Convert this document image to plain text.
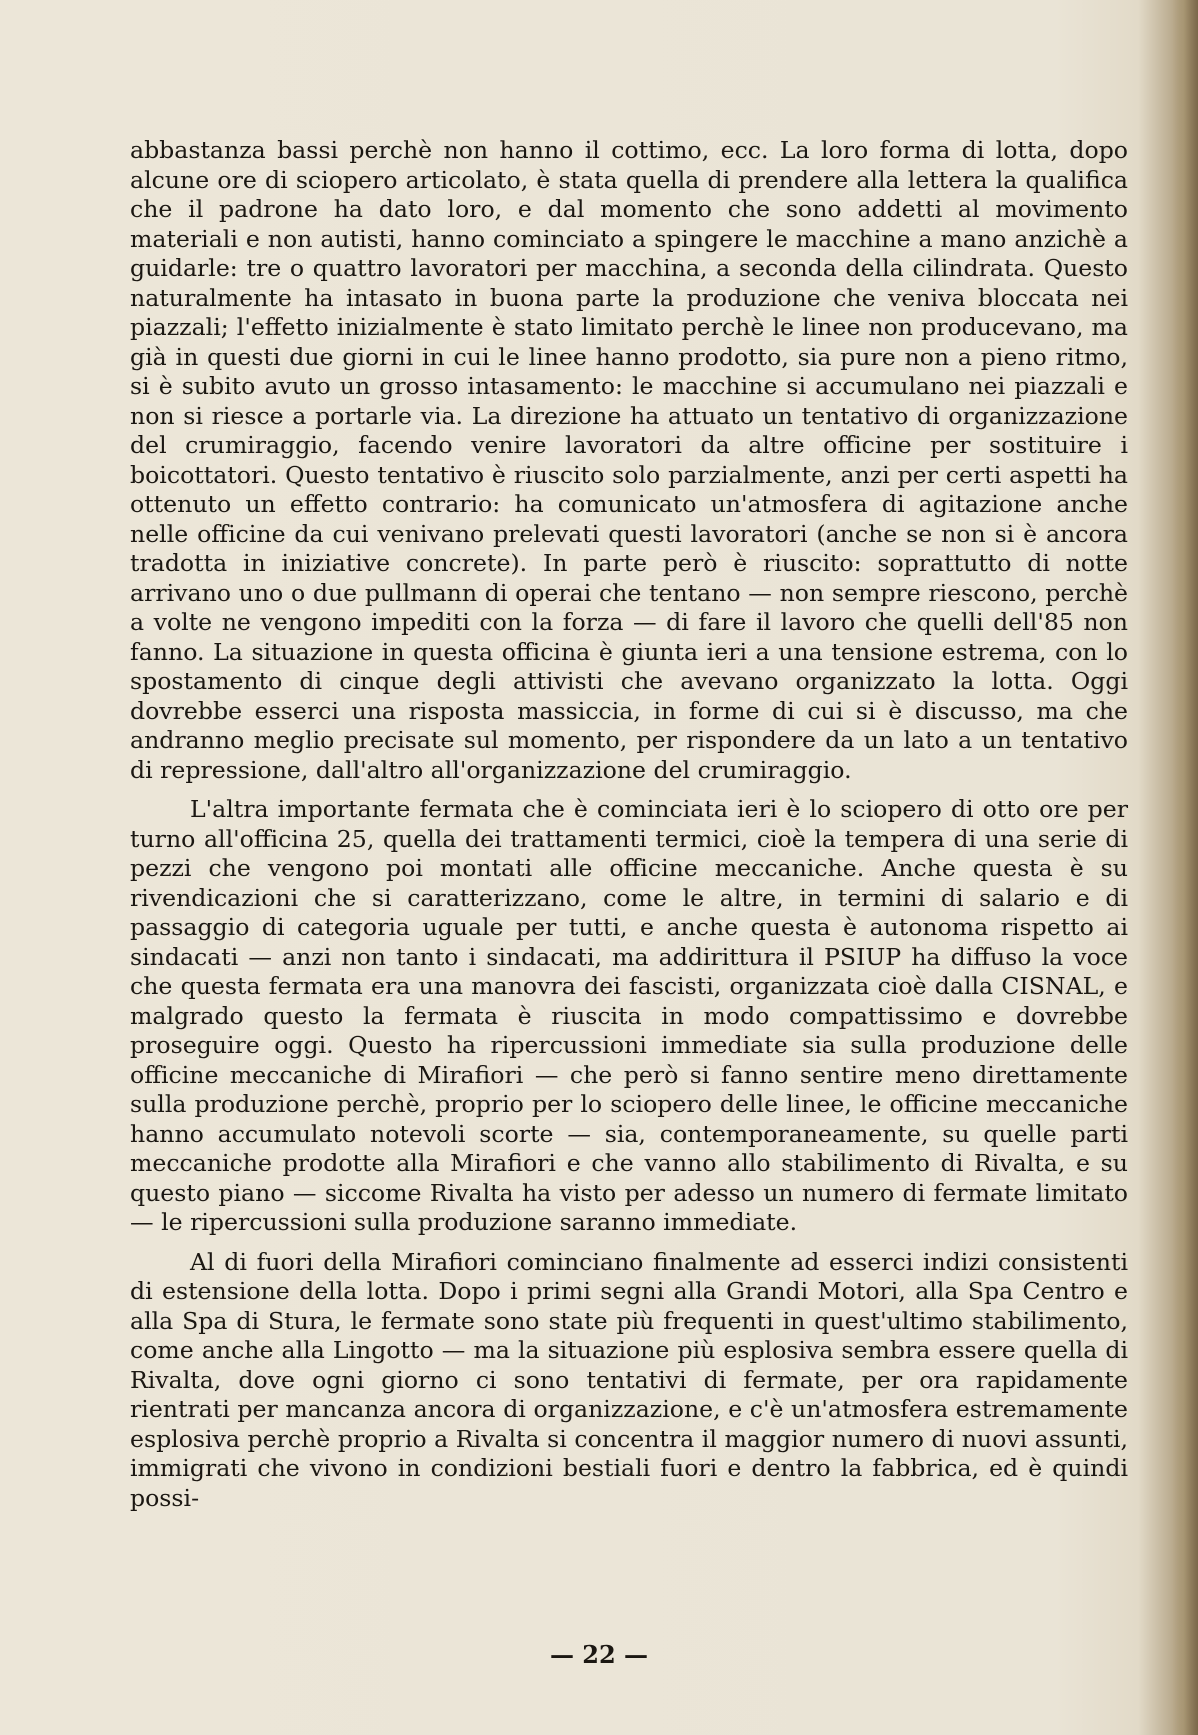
abbastanza bassi perchè non hanno il cottimo, ecc. La loro forma di lotta, dopo alcune ore di sciopero articolato, è stata quella di prendere alla lettera la qualifica che il padrone ha dato loro, e dal momento che sono addetti al movimento materiali e non autisti, hanno cominciato a spingere le macchine a mano anzichè a guidarle: tre o quattro lavoratori per macchina, a seconda della cilindrata. Questo naturalmente ha intasato in buona parte la produzione che veniva bloccata nei piazzali; l'effetto inizialmente è stato limitato perchè le linee non producevano, ma già in questi due giorni in cui le linee hanno prodotto, sia pure non a pieno ritmo, si è subito avuto un grosso intasamento: le macchine si accumulano nei piazzali e non si riesce a portarle via. La direzione ha attuato un tentativo di organizzazione del crumiraggio, facendo venire lavoratori da altre officine per sostituire i boicottatori. Questo tentativo è riuscito solo parzialmente, anzi per certi aspetti ha ottenuto un effetto contrario: ha comunicato un'atmosfera di agitazione anche nelle officine da cui venivano prelevati questi lavoratori (anche se non si è ancora tradotta in iniziative concrete). In parte però è riuscito: soprattutto di notte arrivano uno o due pullmann di operai che tentano — non sempre riescono, perchè a volte ne vengono impediti con la forza — di fare il lavoro che quelli dell'85 non fanno. La situazione in questa officina è giunta ieri a una tensione estrema, con lo spostamento di cinque degli attivisti che avevano organizzato la lotta. Oggi dovrebbe esserci una risposta massiccia, in forme di cui si è discusso, ma che andranno meglio precisate sul momento, per rispondere da un lato a un tentativo di repressione, dall'altro all'organizzazione del crumiraggio.

L'altra importante fermata che è cominciata ieri è lo sciopero di otto ore per turno all'officina 25, quella dei trattamenti termici, cioè la tempera di una serie di pezzi che vengono poi montati alle officine meccaniche. Anche questa è su rivendicazioni che si caratterizzano, come le altre, in termini di salario e di passaggio di categoria uguale per tutti, e anche questa è autonoma rispetto ai sindacati — anzi non tanto i sindacati, ma addirittura il PSIUP ha diffuso la voce che questa fermata era una manovra dei fascisti, organizzata cioè dalla CISNAL, e malgrado questo la fermata è riuscita in modo compattissimo e dovrebbe proseguire oggi. Questo ha ripercussioni immediate sia sulla produzione delle officine meccaniche di Mirafiori — che però si fanno sentire meno direttamente sulla produzione perchè, proprio per lo sciopero delle linee, le officine meccaniche hanno accumulato notevoli scorte — sia, contemporaneamente, su quelle parti meccaniche prodotte alla Mirafiori e che vanno allo stabilimento di Rivalta, e su questo piano — siccome Rivalta ha visto per adesso un numero di fermate limitato — le ripercussioni sulla produzione saranno immediate.

Al di fuori della Mirafiori cominciano finalmente ad esserci indizi consistenti di estensione della lotta. Dopo i primi segni alla Grandi Motori, alla Spa Centro e alla Spa di Stura, le fermate sono state più frequenti in quest'ultimo stabilimento, come anche alla Lingotto — ma la situazione più esplosiva sembra essere quella di Rivalta, dove ogni giorno ci sono tentativi di fermate, per ora rapidamente rientrati per mancanza ancora di organizzazione, e c'è un'atmosfera estremamente esplosiva perchè proprio a Rivalta si concentra il maggior numero di nuovi assunti, immigrati che vivono in condizioni bestiali fuori e dentro la fabbrica, ed è quindi possi-

— 22 —
